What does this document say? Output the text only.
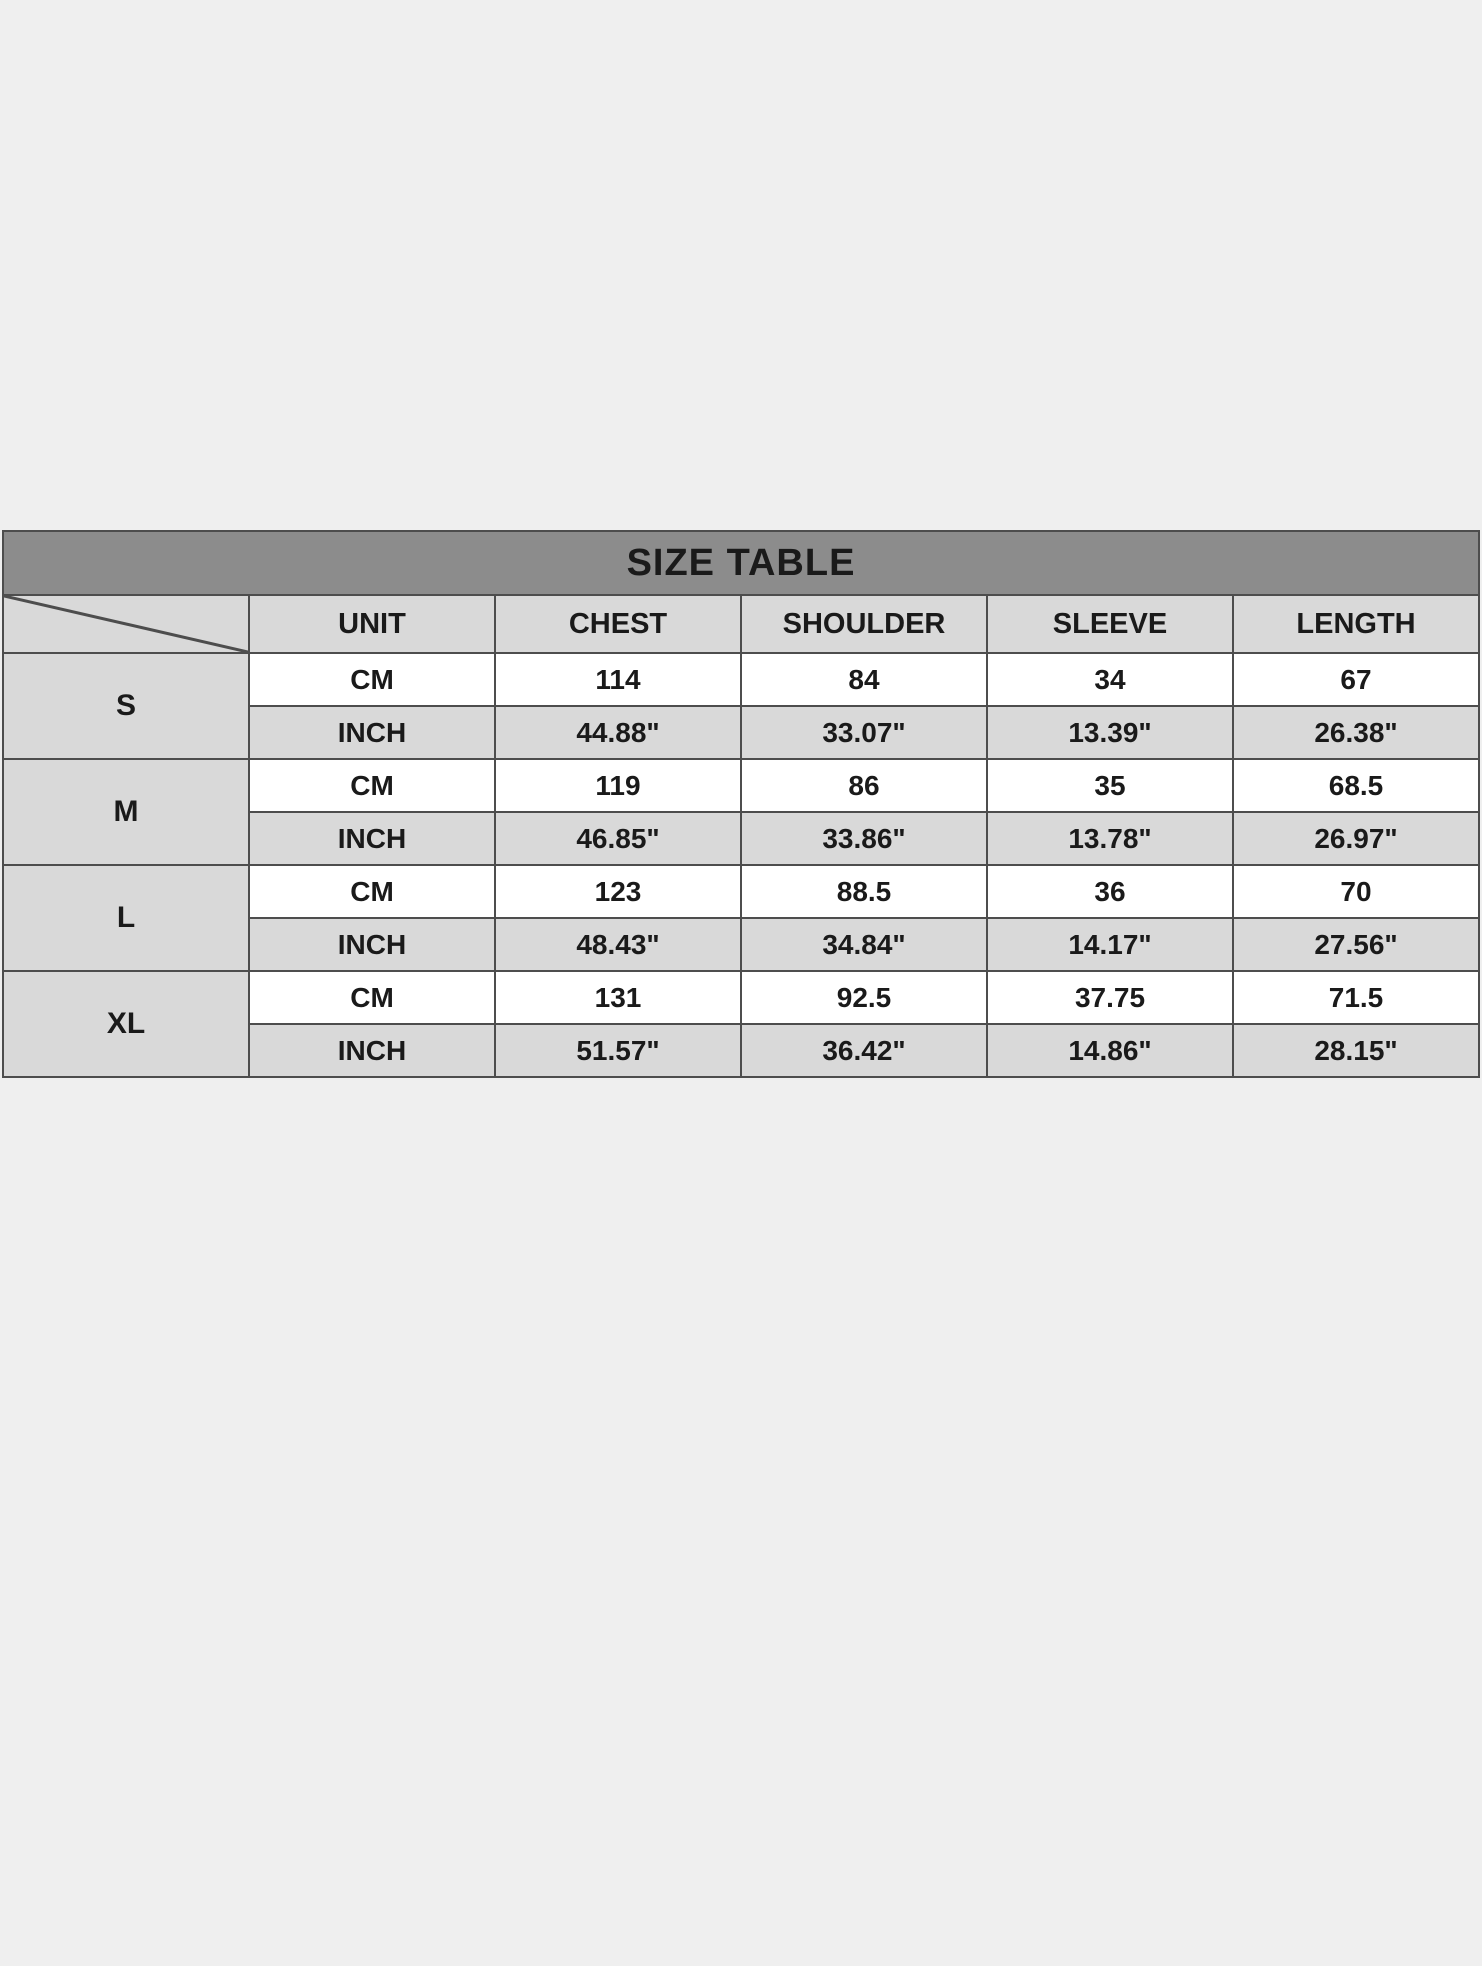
SIZE TABLE					

	UNIT	CHEST	SHOULDER	SLEEVE	LENGTH
S	CM	114	84	34	67
	INCH	44.88"	33.07"	13.39"	26.38"
M	CM	119	86	35	68.5
	INCH	46.85"	33.86"	13.78"	26.97"
L	CM	123	88.5	36	70
	INCH	48.43"	34.84"	14.17"	27.56"
XL	CM	131	92.5	37.75	71.5
	INCH	51.57"	36.42"	14.86"	28.15"
